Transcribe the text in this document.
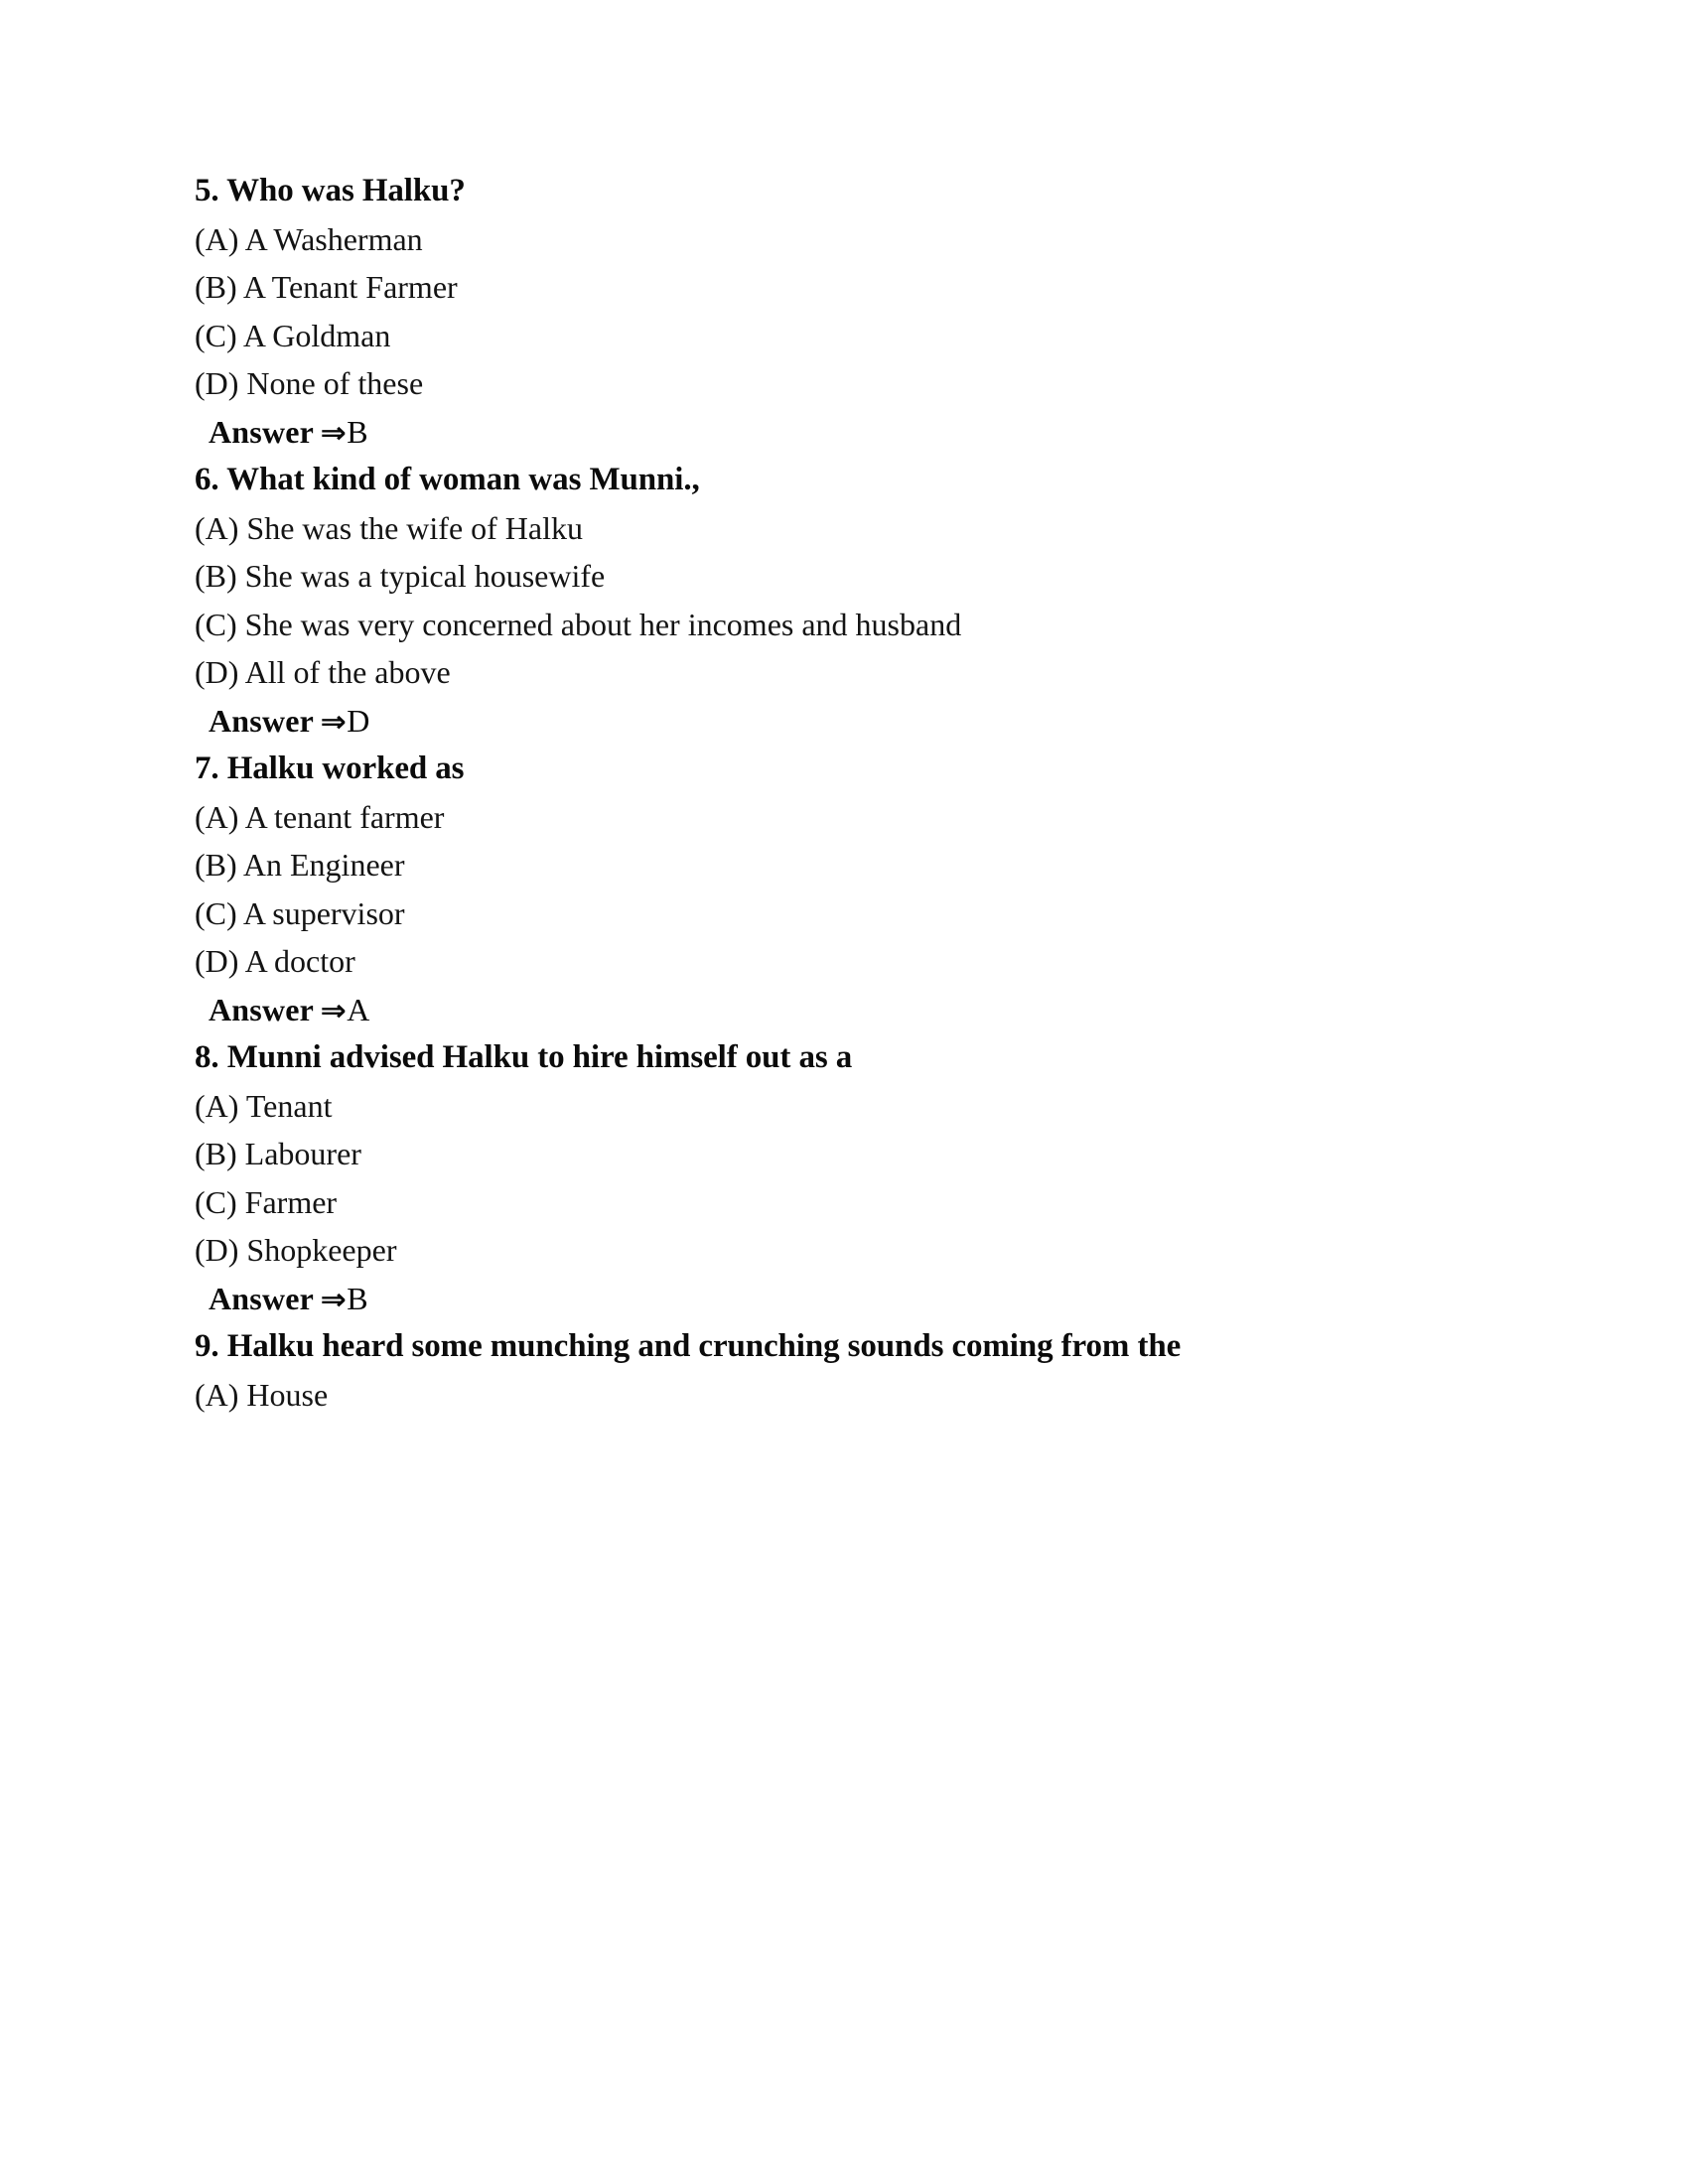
5. Who was Halku?
(A) A Washerman
(B) A Tenant Farmer
(C) A Goldman
(D) None of these
Answer ⇒B
6. What kind of woman was Munni.,
(A) She was the wife of Halku
(B) She was a typical housewife
(C) She was very concerned about her incomes and husband
(D) All of the above
Answer ⇒D
7. Halku worked as
(A) A tenant farmer
(B) An Engineer
(C) A supervisor
(D) A doctor
Answer ⇒A
8. Munni advised Halku to hire himself out as a
(A) Tenant
(B) Labourer
(C) Farmer
(D) Shopkeeper
Answer ⇒B
9. Halku heard some munching and crunching sounds coming from the
(A) House
